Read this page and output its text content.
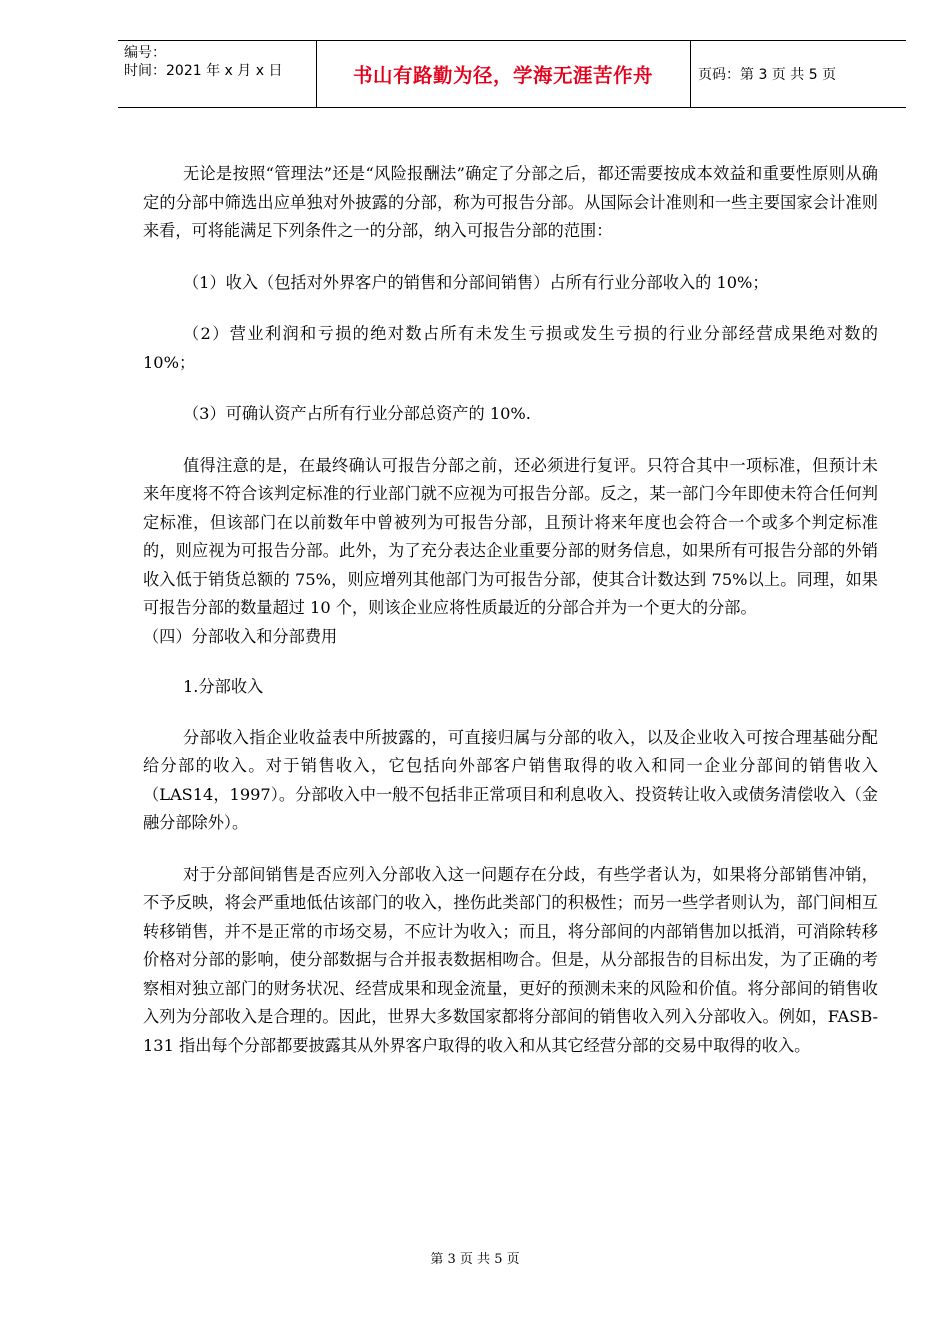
编号：
时间：2021 年 x 月 x 日	书山有路勤为径，学海无涯苦作舟	页码：第 3 页 共 5 页

无论是按照“管理法”还是“风险报酬法”确定了分部之后，都还需要按成本效益和重要性原则从确定的分部中筛选出应单独对外披露的分部，称为可报告分部。从国际会计准则和一些主要国家会计准则来看，可将能满足下列条件之一的分部，纳入可报告分部的范围：

（1）收入（包括对外界客户的销售和分部间销售）占所有行业分部收入的 10%；

（2）营业利润和亏损的绝对数占所有未发生亏损或发生亏损的行业分部经营成果绝对数的 10%；

（3）可确认资产占所有行业分部总资产的 10%.

值得注意的是，在最终确认可报告分部之前，还必须进行复评。只符合其中一项标准，但预计未来年度将不符合该判定标准的行业部门就不应视为可报告分部。反之，某一部门今年即使未符合任何判定标准，但该部门在以前数年中曾被列为可报告分部，且预计将来年度也会符合一个或多个判定标准的，则应视为可报告分部。此外，为了充分表达企业重要分部的财务信息，如果所有可报告分部的外销收入低于销货总额的 75%，则应增列其他部门为可报告分部，使其合计数达到 75%以上。同理，如果可报告分部的数量超过 10 个，则该企业应将性质最近的分部合并为一个更大的分部。

（四）分部收入和分部费用

1.分部收入

分部收入指企业收益表中所披露的，可直接归属与分部的收入，以及企业收入可按合理基础分配给分部的收入。对于销售收入，它包括向外部客户销售取得的收入和同一企业分部间的销售收入（LAS14，1997）。分部收入中一般不包括非正常项目和利息收入、投资转让收入或债务清偿收入（金融分部除外）。

对于分部间销售是否应列入分部收入这一问题存在分歧，有些学者认为，如果将分部销售冲销，不予反映，将会严重地低估该部门的收入，挫伤此类部门的积极性；而另一些学者则认为，部门间相互转移销售，并不是正常的市场交易，不应计为收入；而且，将分部间的内部销售加以抵消，可消除转移价格对分部的影响，使分部数据与合并报表数据相吻合。但是，从分部报告的目标出发，为了正确的考察相对独立部门的财务状况、经营成果和现金流量，更好的预测未来的风险和价值。将分部间的销售收入列为分部收入是合理的。因此，世界大多数国家都将分部间的销售收入列入分部收入。例如，FASB-131 指出每个分部都要披露其从外界客户取得的收入和从其它经营分部的交易中取得的收入。

第 3 页 共 5 页
